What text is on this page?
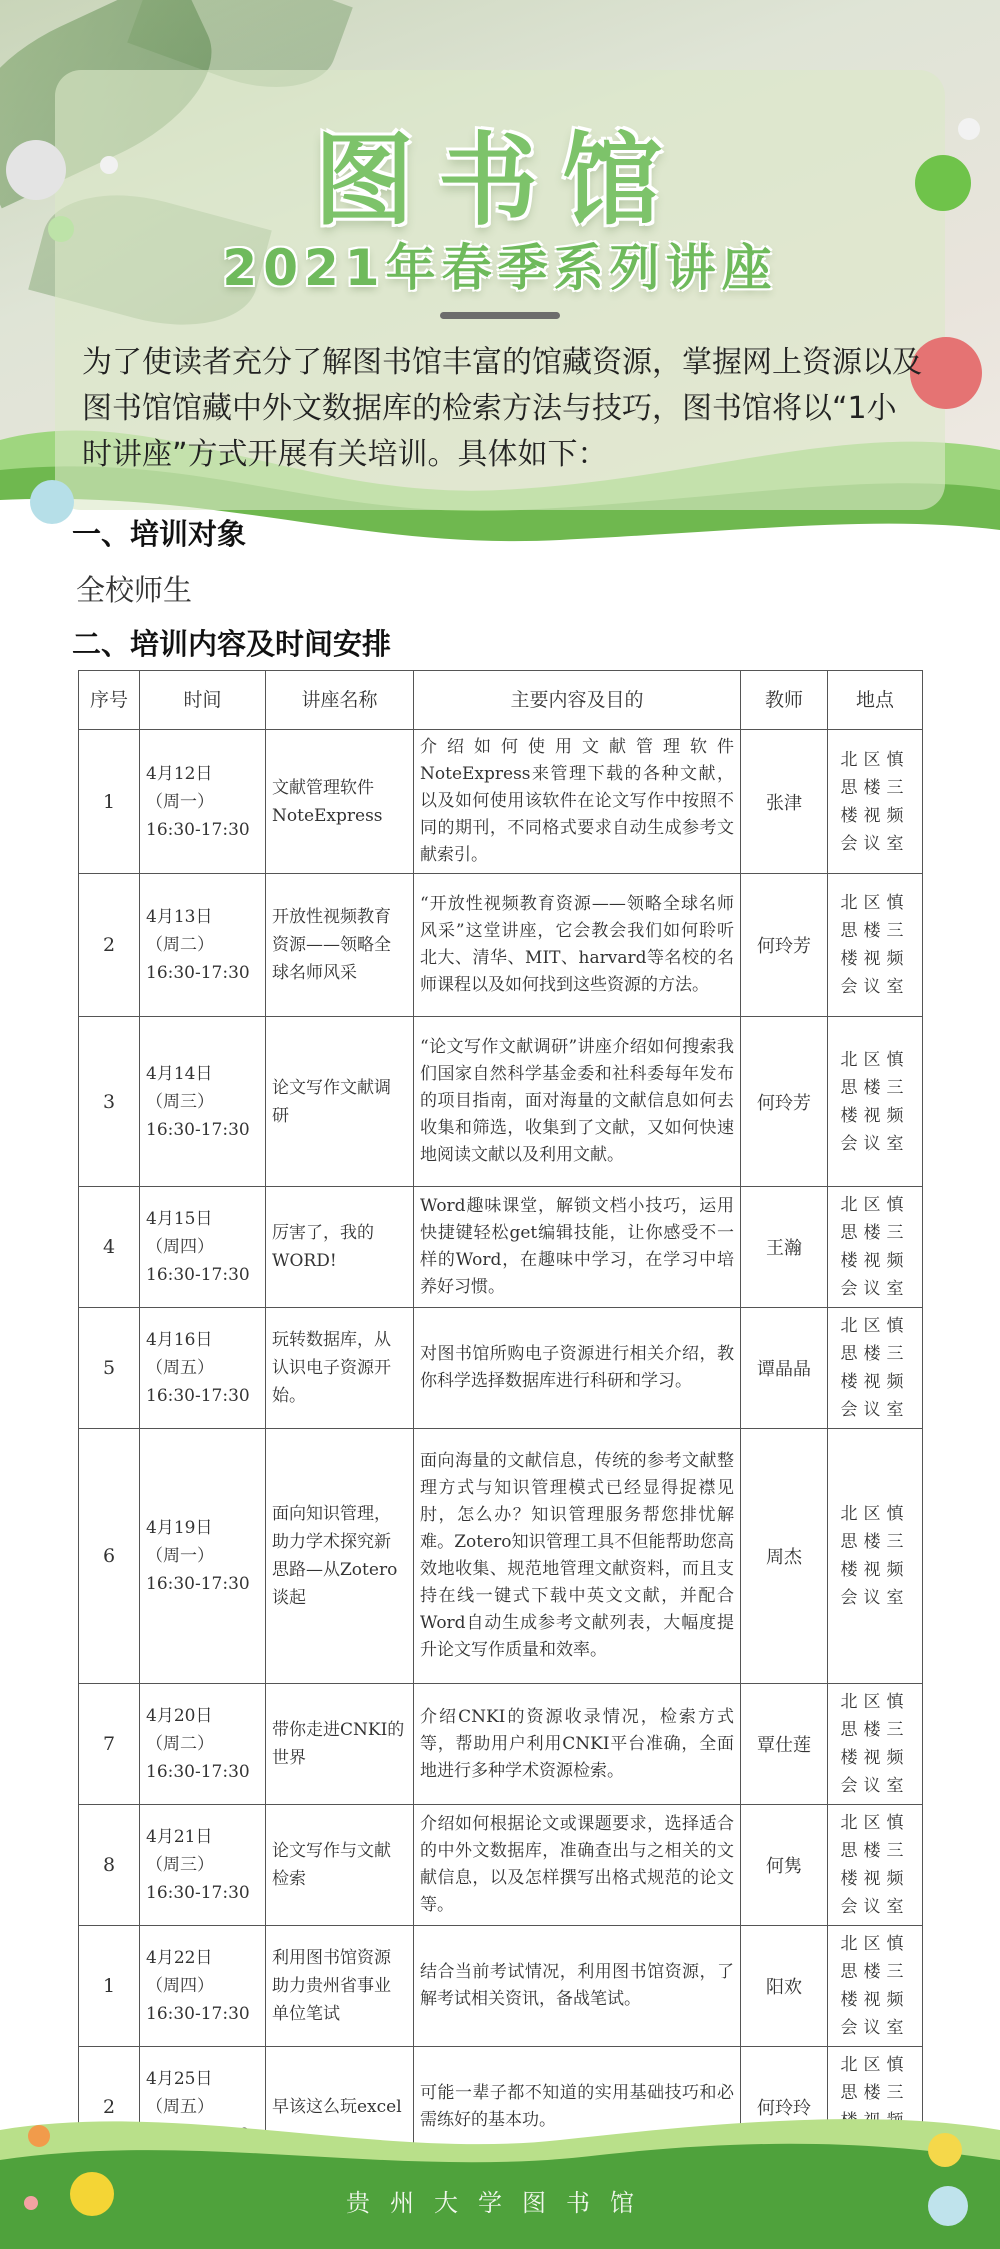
图书馆
2021年春季系列讲座
为了使读者充分了解图书馆丰富的馆藏资源，掌握网上资源以及图书馆馆藏中外文数据库的检索方法与技巧，图书馆将以“1小时讲座”方式开展有关培训。具体如下：
一、培训对象
全校师生
二、培训内容及时间安排
序号	时间	讲座名称	主要内容及目的	教师	地点
1	4月12日
（周一）
16:30-17:30	文献管理软件NoteExpress	介绍如何使用文献管理软件NoteExpress来管理下载的各种文献，以及如何使用该软件在论文写作中按照不同的期刊，不同格式要求自动生成参考文献索引。	张津	北区慎思楼三楼视频会议室
2	4月13日
（周二）
16:30-17:30	开放性视频教育资源——领略全球名师风采	“开放性视频教育资源——领略全球名师风采”这堂讲座，它会教会我们如何聆听北大、清华、MIT、harvard等名校的名师课程以及如何找到这些资源的方法。	何玲芳	北区慎思楼三楼视频会议室
3	4月14日
（周三）
16:30-17:30	论文写作文献调研	“论文写作文献调研”讲座介绍如何搜索我们国家自然科学基金委和社科委每年发布的项目指南，面对海量的文献信息如何去收集和筛选，收集到了文献，又如何快速地阅读文献以及利用文献。	何玲芳	北区慎思楼三楼视频会议室
4	4月15日
（周四）
16:30-17:30	厉害了，我的WORD!	Word趣味课堂，解锁文档小技巧，运用快捷键轻松get编辑技能，让你感受不一样的Word，在趣味中学习，在学习中培养好习惯。	王瀚	北区慎思楼三楼视频会议室
5	4月16日
（周五）
16:30-17:30	玩转数据库，从认识电子资源开始。	对图书馆所购电子资源进行相关介绍，教你科学选择数据库进行科研和学习。	谭晶晶	北区慎思楼三楼视频会议室
6	4月19日
（周一）
16:30-17:30	面向知识管理，助力学术探究新思路—从Zotero谈起	面向海量的文献信息，传统的参考文献整理方式与知识管理模式已经显得捉襟见肘，怎么办？知识管理服务帮您排忧解难。Zotero知识管理工具不但能帮助您高效地收集、规范地管理文献资料，而且支持在线一键式下载中英文文献，并配合Word自动生成参考文献列表，大幅度提升论文写作质量和效率。	周杰	北区慎思楼三楼视频会议室
7	4月20日
（周二）
16:30-17:30	带你走进CNKI的世界	介绍CNKI的资源收录情况，检索方式等，帮助用户利用CNKI平台准确，全面地进行多种学术资源检索。	覃仕莲	北区慎思楼三楼视频会议室
8	4月21日
（周三）
16:30-17:30	论文写作与文献检索	介绍如何根据论文或课题要求，选择适合的中外文数据库，准确查出与之相关的文献信息，以及怎样撰写出格式规范的论文等。	何隽	北区慎思楼三楼视频会议室
1	4月22日
（周四）
16:30-17:30	利用图书馆资源助力贵州省事业单位笔试	结合当前考试情况，利用图书馆资源，了解考试相关资讯，备战笔试。	阳欢	北区慎思楼三楼视频会议室
2	4月25日
（周五）	早该这么玩excel	可能一辈子都不知道的实用基础技巧和必需练好的基本功。	何玲玲	北区慎思楼三
贵州大学图书馆
